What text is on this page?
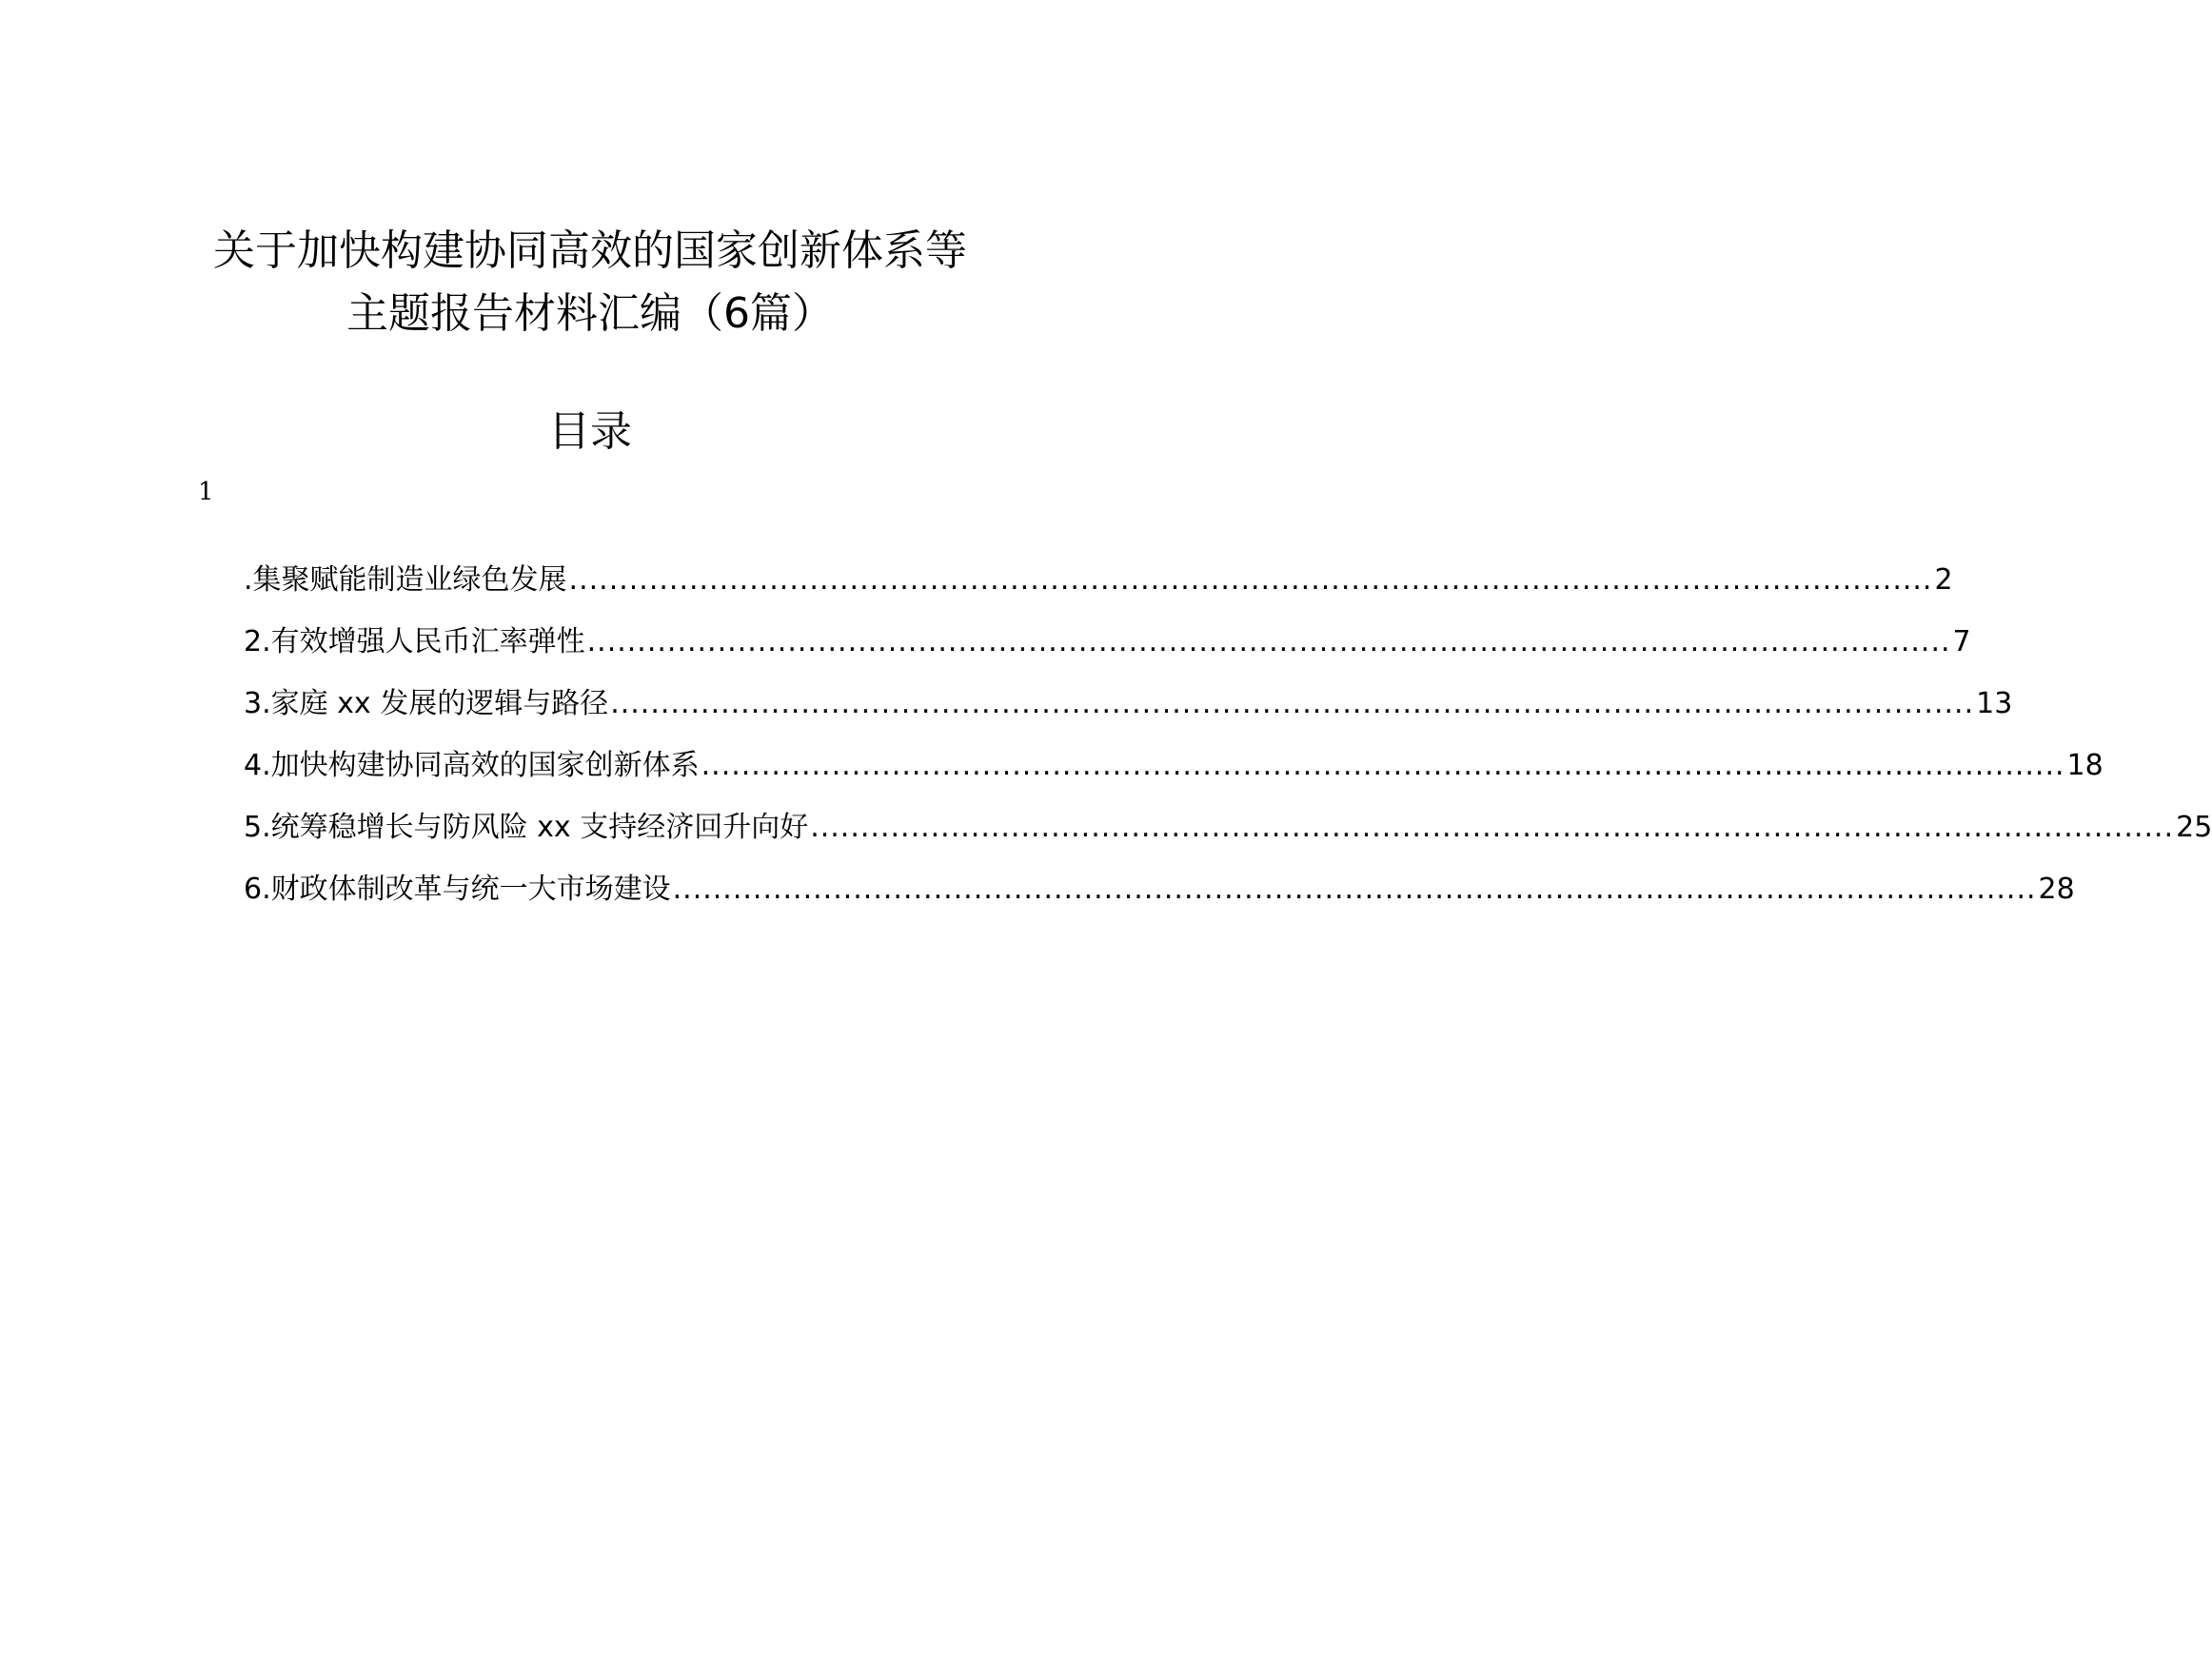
关于加快构建协同高效的国家创新体系等
主题报告材料汇编（6篇）
目录
1
.集聚赋能制造业绿色发展 ........................................................................................................................................ 2
2.有效增强人民币汇率弹性 ........................................................................................................................................ 7
3.家庭 xx 发展的逻辑与路径 ........................................................................................................................................ 13
4.加快构建协同高效的国家创新体系 ........................................................................................................................................ 18
5.统筹稳增长与防风险 xx 支持经济回升向好 ........................................................................................................................................ 25
6.财政体制改革与统一大市场建设 ........................................................................................................................................ 28
